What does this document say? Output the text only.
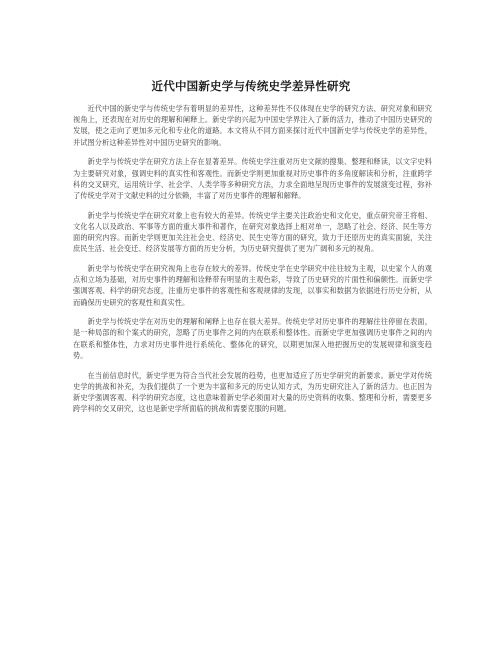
近代中国新史学与传统史学差异性研究

近代中国的新史学与传统史学有着明显的差异性，这种差异性不仅体现在史学的研究方法、研究对象和研究视角上，还表现在对历史的理解和阐释上。新史学的兴起为中国史学界注入了新的活力，推动了中国历史研究的发展，使之走向了更加多元化和专业化的道路。本文将从不同方面来探讨近代中国新史学与传统史学的差异性，并试图分析这种差异性对中国历史研究的影响。

新史学与传统史学在研究方法上存在显著差异。传统史学注重对历史文献的搜集、整理和释读，以文字史料为主要研究对象，强调史料的真实性和客观性。而新史学则更加重视对历史事件的多角度解读和分析，注重跨学科的交叉研究，运用统计学、社会学、人类学等多种研究方法，力求全面地呈现历史事件的发展演变过程，弥补了传统史学对于文献史料的过分依赖，丰富了对历史事件的理解和解释。

新史学与传统史学在研究对象上也有较大的差异。传统史学主要关注政治史和文化史，重点研究帝王将相、文化名人以及政治、军事等方面的重大事件和著作，在研究对象选择上相对单一，忽略了社会、经济、民生等方面的研究内容。而新史学则更加关注社会史、经济史、民生史等方面的研究，致力于还原历史的真实面貌，关注庶民生活、社会变迁、经济发展等方面的历史分析，为历史研究提供了更为广阔和多元的视角。

新史学与传统史学在研究视角上也存在较大的差异。传统史学在史学研究中往往较为主观，以史家个人的观点和立场为基础，对历史事件的理解和诠释带有明显的主观色彩，导致了历史研究的片面性和偏颇性。而新史学强调客观、科学的研究态度，注重历史事件的客观性和客观规律的发现，以事实和数据为依据进行历史分析，从而确保历史研究的客观性和真实性。

新史学与传统史学在对历史的理解和阐释上也存在很大差异。传统史学对历史事件的理解往往停留在表面，是一种局部的和个案式的研究，忽略了历史事件之间的内在联系和整体性。而新史学更加强调历史事件之间的内在联系和整体性，力求对历史事件进行系统化、整体化的研究，以期更加深入地把握历史的发展规律和演变趋势。

在当前信息时代，新史学更为符合当代社会发展的趋势，也更加适应了历史学研究的新要求。新史学对传统史学的挑战和补充，为我们提供了一个更为丰富和多元的历史认知方式，为历史研究注入了新的活力。也正因为新史学强调客观、科学的研究态度，这也意味着新史学必须面对大量的历史资料的收集、整理和分析，需要更多跨学科的交叉研究，这也是新史学所面临的挑战和需要克服的问题。
